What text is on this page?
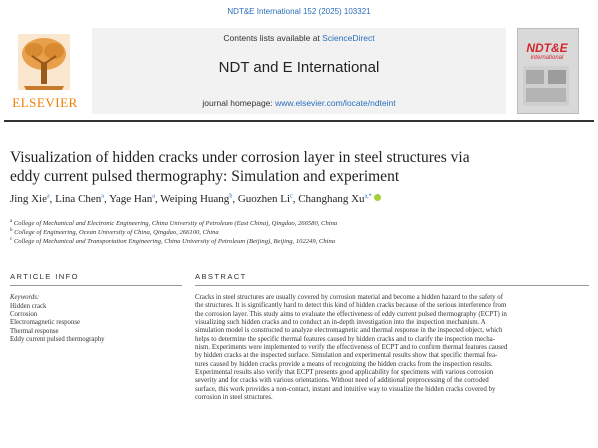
NDT&E International 152 (2025) 103321
ELSEVIER
Contents lists available at ScienceDirect
NDT and E International
journal homepage: www.elsevier.com/locate/ndteint
NDT&E
international
Visualization of hidden cracks under corrosion layer in steel structures via
eddy current pulsed thermography: Simulation and experiment
Jing Xie$^a$, Lina Chen$^a$, Yage Han$^a$, Weiping Huang$^b$, Guozhen Li$^c$, Changhang $Xu^{a,*}$
$^a$ College of Mechanical and Electronic Engineering, China University of Petroleum (East China), Qingdao, 266580, China
$^b$ College of Engineering, Ocean University of China, Qingdao, 266100, China
$^c$ College of Mechanical and Transportation Engineering, China University of Petroleum (Beijing), Beijing, 102249, China
ARTICLE INFO	ABSTRACT
Keywords:
Hidden crack
Corrosion
Electromagnetic response
Thermal response
Eddy current pulsed thermography
Cracks in steel structures are usually covered by corrosion material and become a hidden hazard to the safety of
the structures. It is significantly hard to detect this kind of hidden cracks because of the serious interference from
the corrosion layer. This study aims to evaluate the effectiveness of eddy current pulsed thermography (ECPT) in
visualizing such hidden cracks and to conduct an in-depth investigation into the inspection mechanism. A
simulation model is constructed to analyze electromagnetic and thermal response in the inspected object, which
helps to determine the specific thermal features caused by hidden cracks and to clarify the inspection mecha-
nism. Experiments were implemented to verify the effectiveness of ECPT and to confirm thermal features caused
by hidden cracks at the inspected surface. Simulation and experimental results show that specific thermal fea-
tures caused by hidden cracks provide a means of recognizing the hidden cracks from the inspection results.
Experimental results also verify that ECPT presents good applicability for specimens with various corrosion
severity and for cracks with various orientations. Without need of additional preprocessing of the corroded
surface, this work provides a non-contact, instant and intuitive way to visualize the hidden cracks covered by
corrosion in steel structures.
